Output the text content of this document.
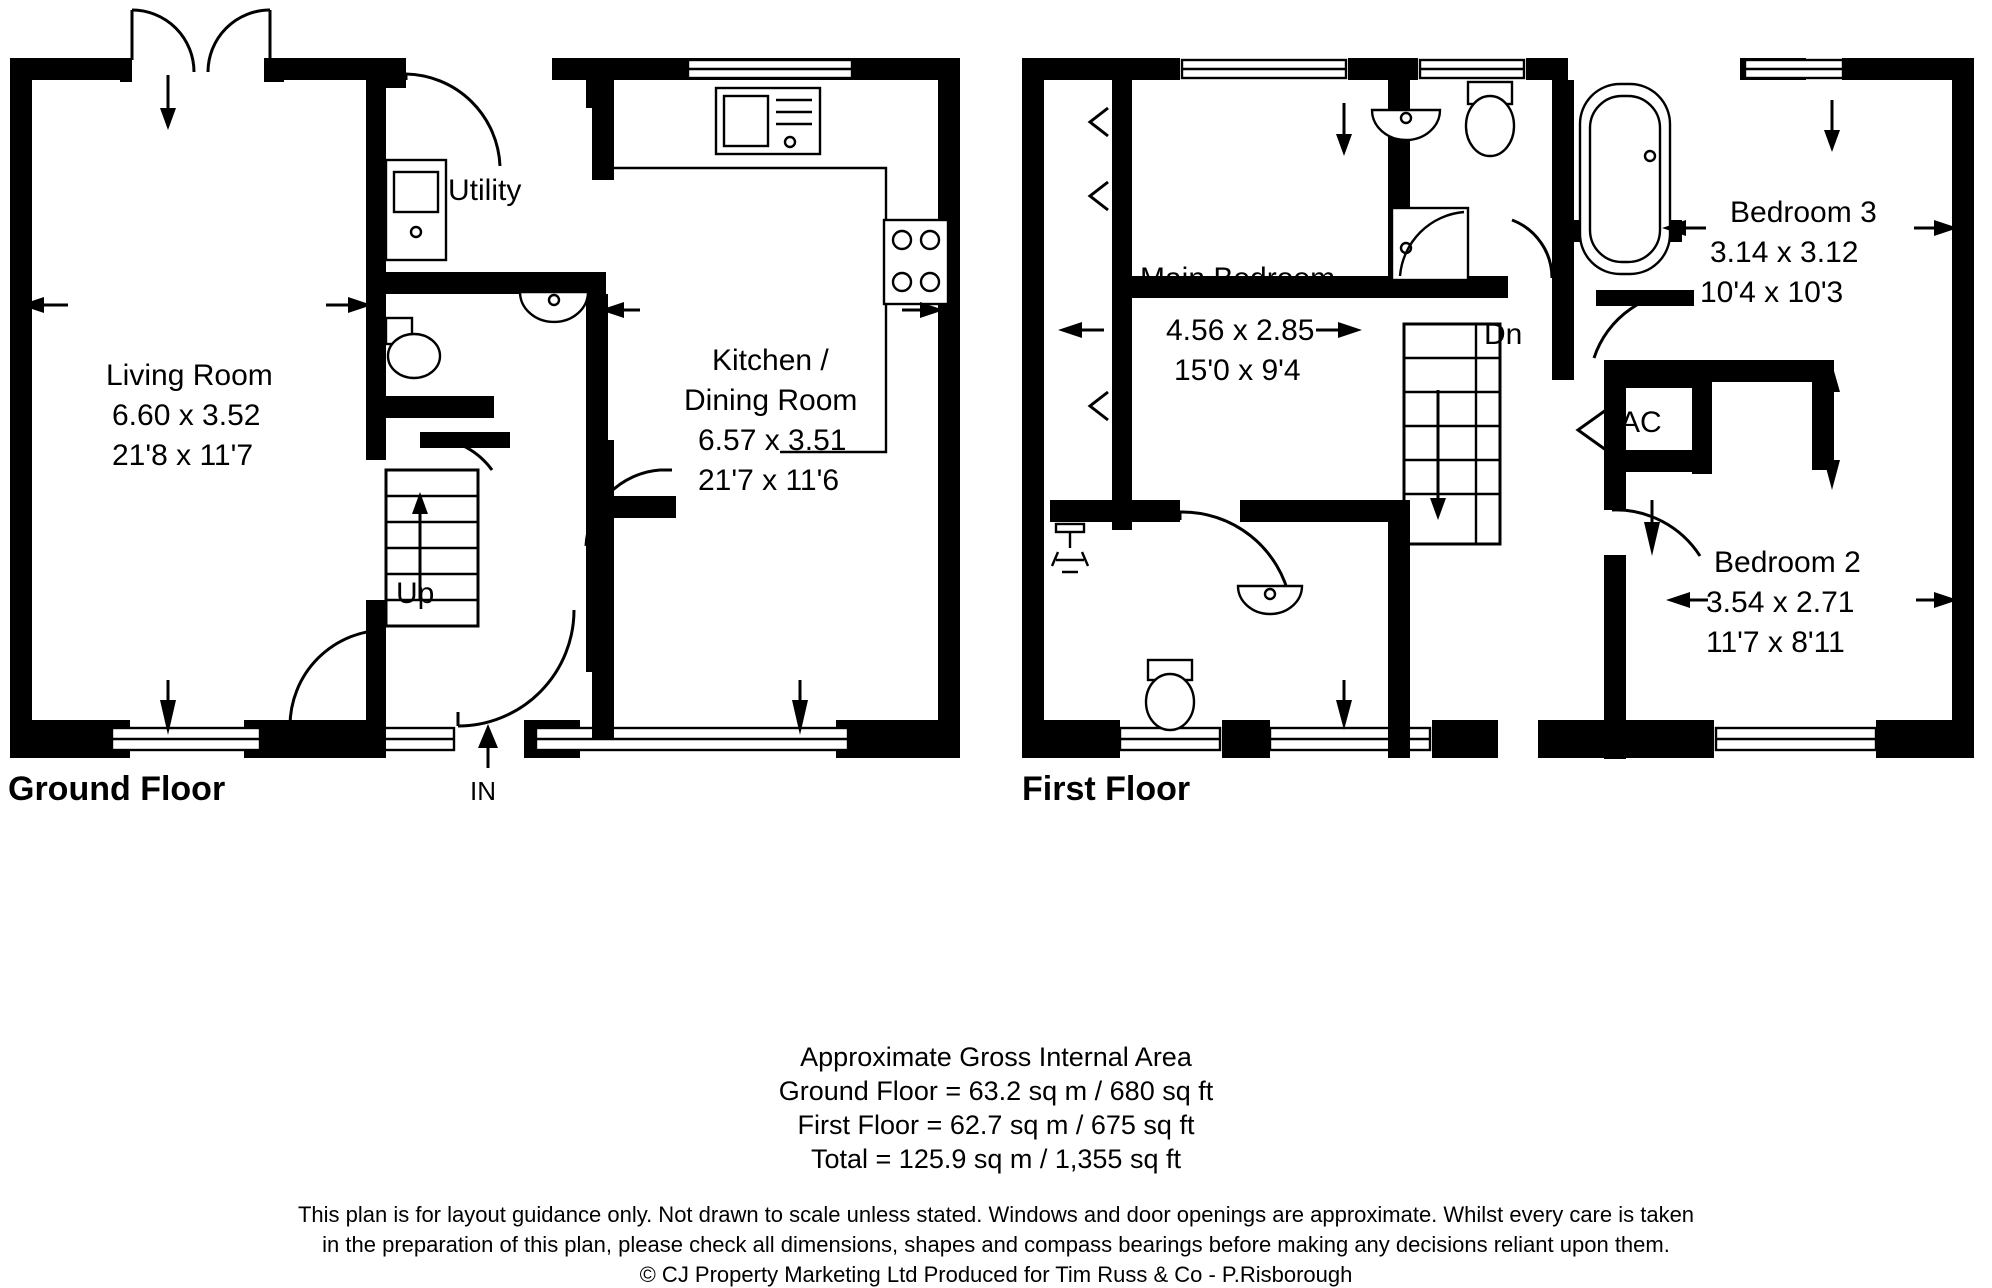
Living Room
6.60 x 3.52
21'8 x 11'7
Utility
Kitchen /
Dining Room
6.57 x 3.51
21'7 x 11'6
Up
IN
Ground Floor
AC
Dn
Main Bedroom
4.56 x 2.85
15'0 x 9'4
Bedroom 3
3.14 x 3.12
10'4 x 10'3
Bedroom 2
3.54 x 2.71
11'7 x 8'11
First Floor
Approximate Gross Internal Area
Ground Floor = 63.2 sq m / 680 sq ft
First Floor = 62.7 sq m / 675 sq ft
Total = 125.9 sq m / 1,355 sq ft
This plan is for layout guidance only. Not drawn to scale unless stated. Windows and door openings are approximate. Whilst every care is taken
in the preparation of this plan, please check all dimensions, shapes and compass bearings before making any decisions reliant upon them.
© CJ Property Marketing Ltd Produced for Tim Russ & Co - P.Risborough
